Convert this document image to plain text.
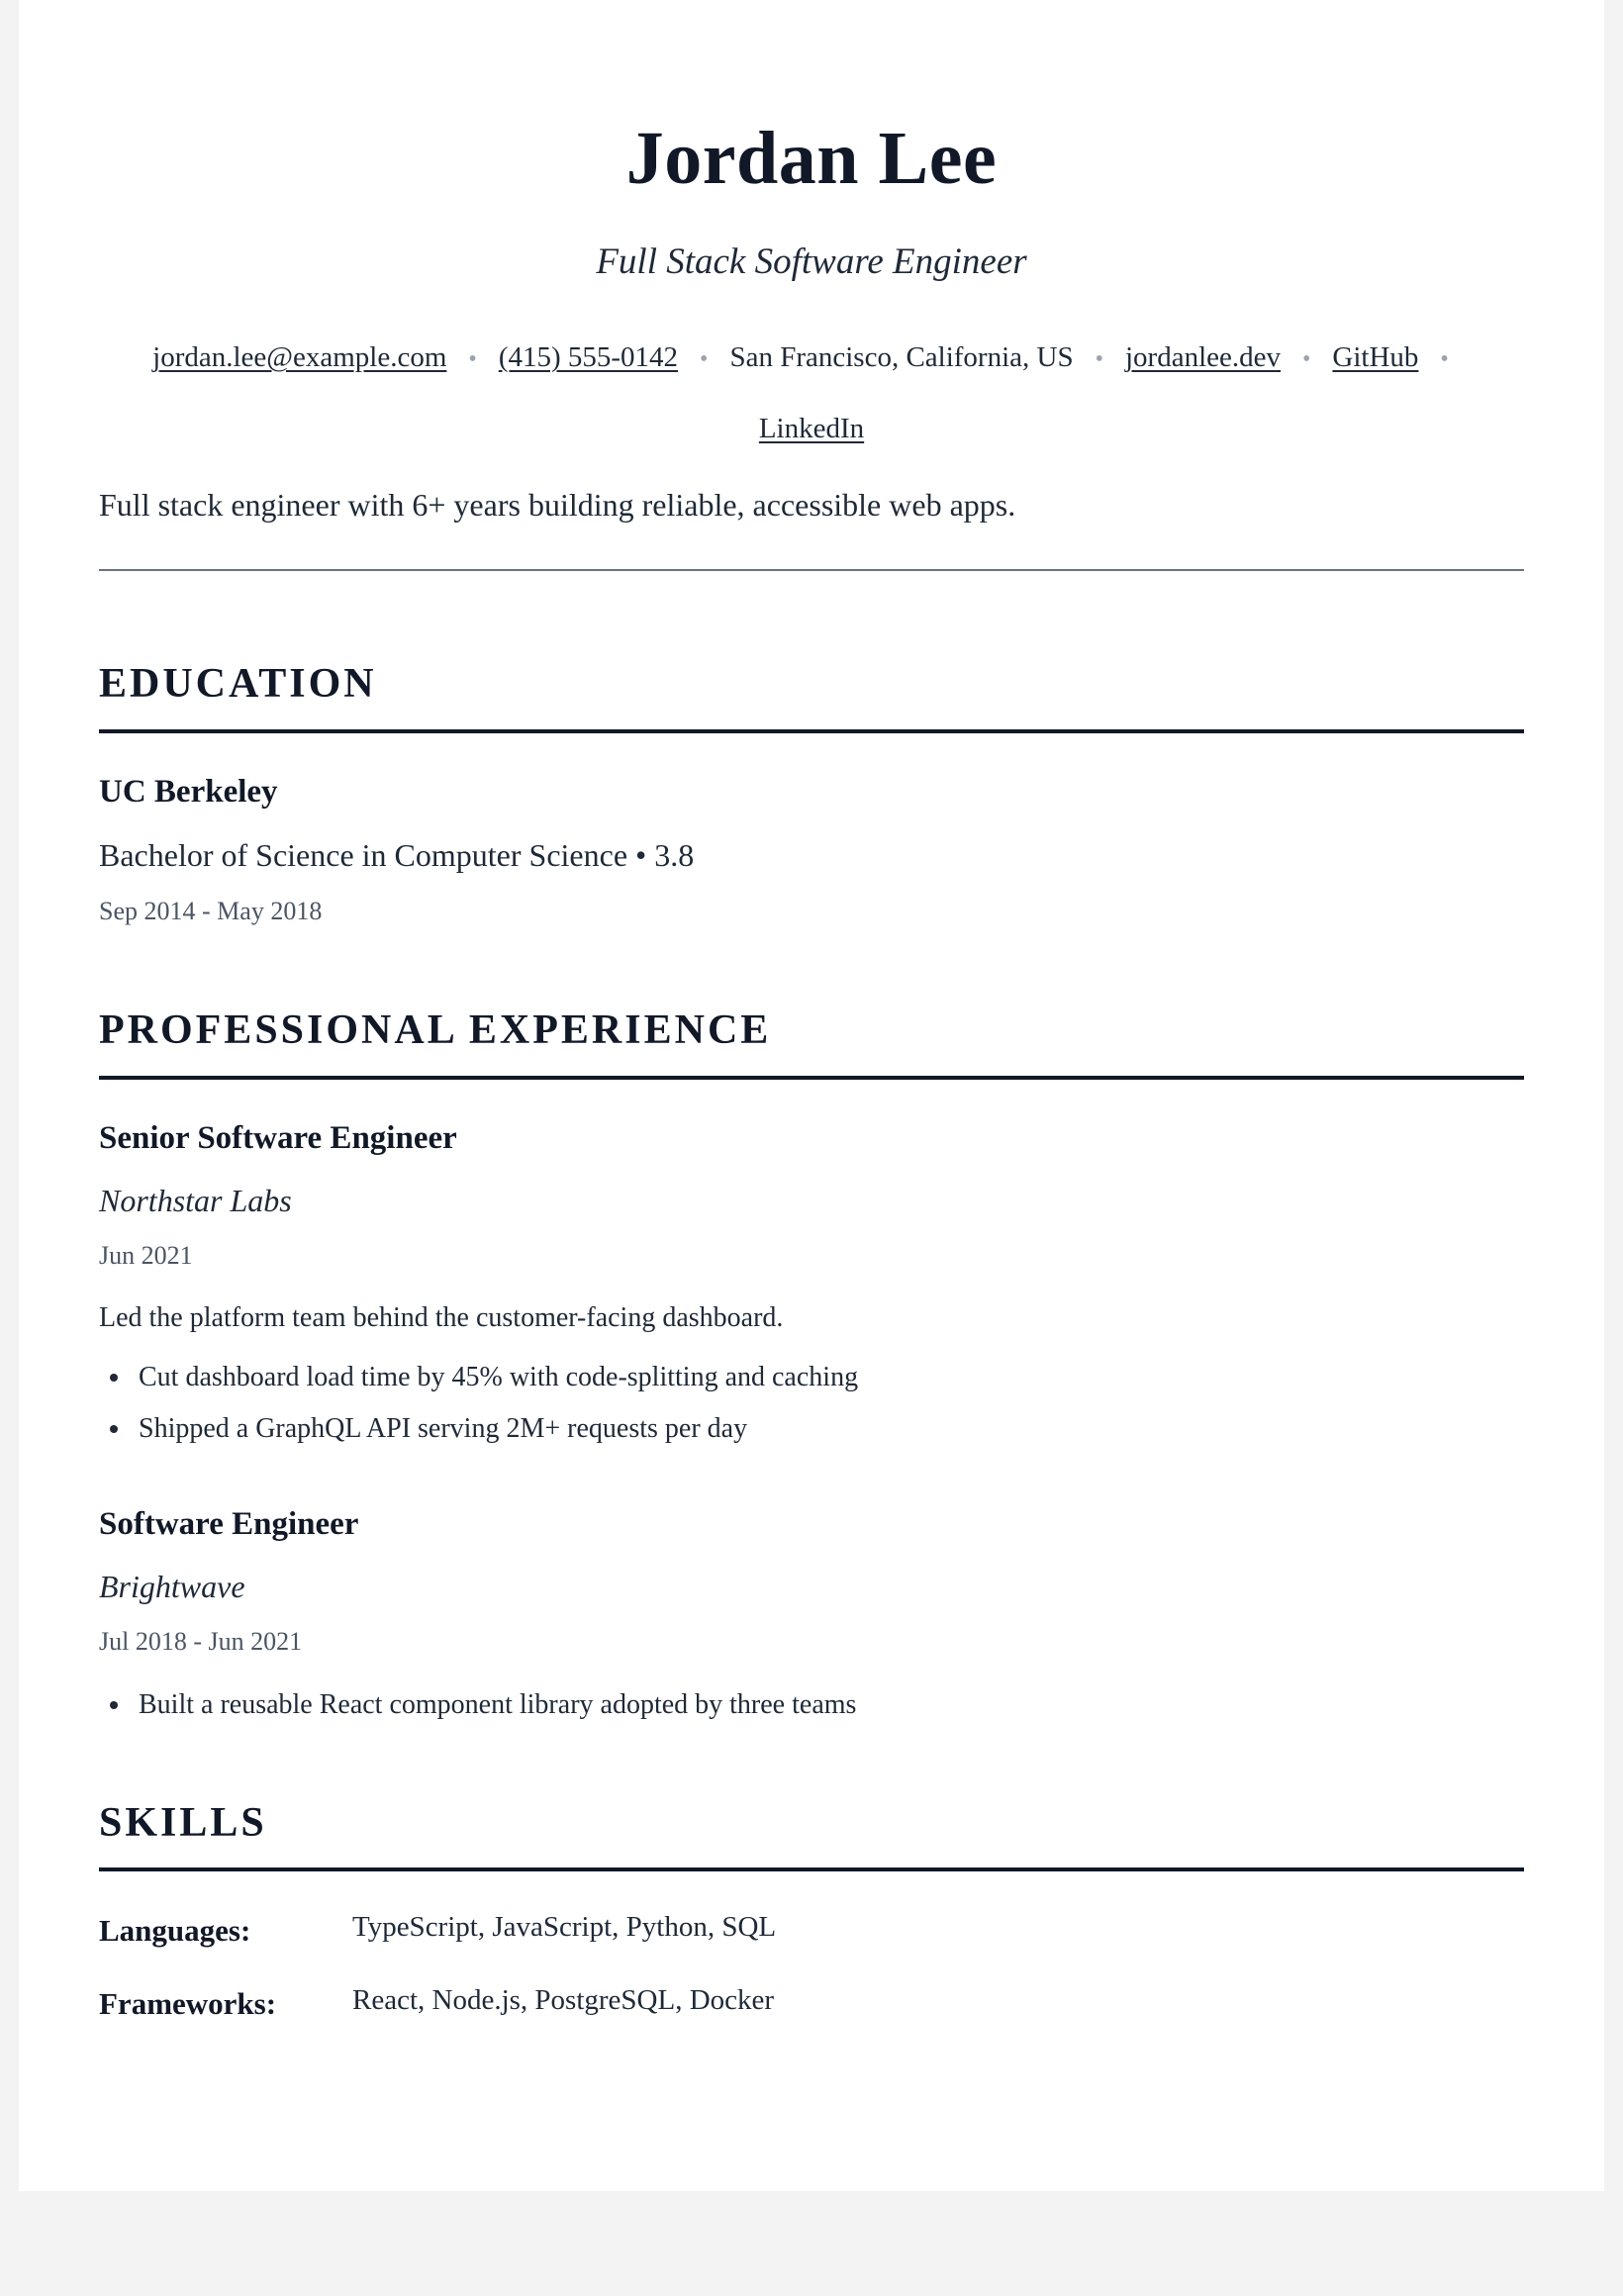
Jordan Lee
Full Stack Software Engineer
jordan.lee@example.com • (415) 555-0142 • San Francisco, California, US • jordanlee.dev • GitHub •
LinkedIn
Full stack engineer with 6+ years building reliable, accessible web apps.
EDUCATION
UC Berkeley
Bachelor of Science in Computer Science • 3.8
Sep 2014 - May 2018
PROFESSIONAL EXPERIENCE
Senior Software Engineer
Northstar Labs
Jun 2021
Led the platform team behind the customer-facing dashboard.
Cut dashboard load time by 45% with code-splitting and caching
Shipped a GraphQL API serving 2M+ requests per day
Software Engineer
Brightwave
Jul 2018 - Jun 2021
Built a reusable React component library adopted by three teams
SKILLS
Languages:	TypeScript, JavaScript, Python, SQL
Frameworks:	React, Node.js, PostgreSQL, Docker
